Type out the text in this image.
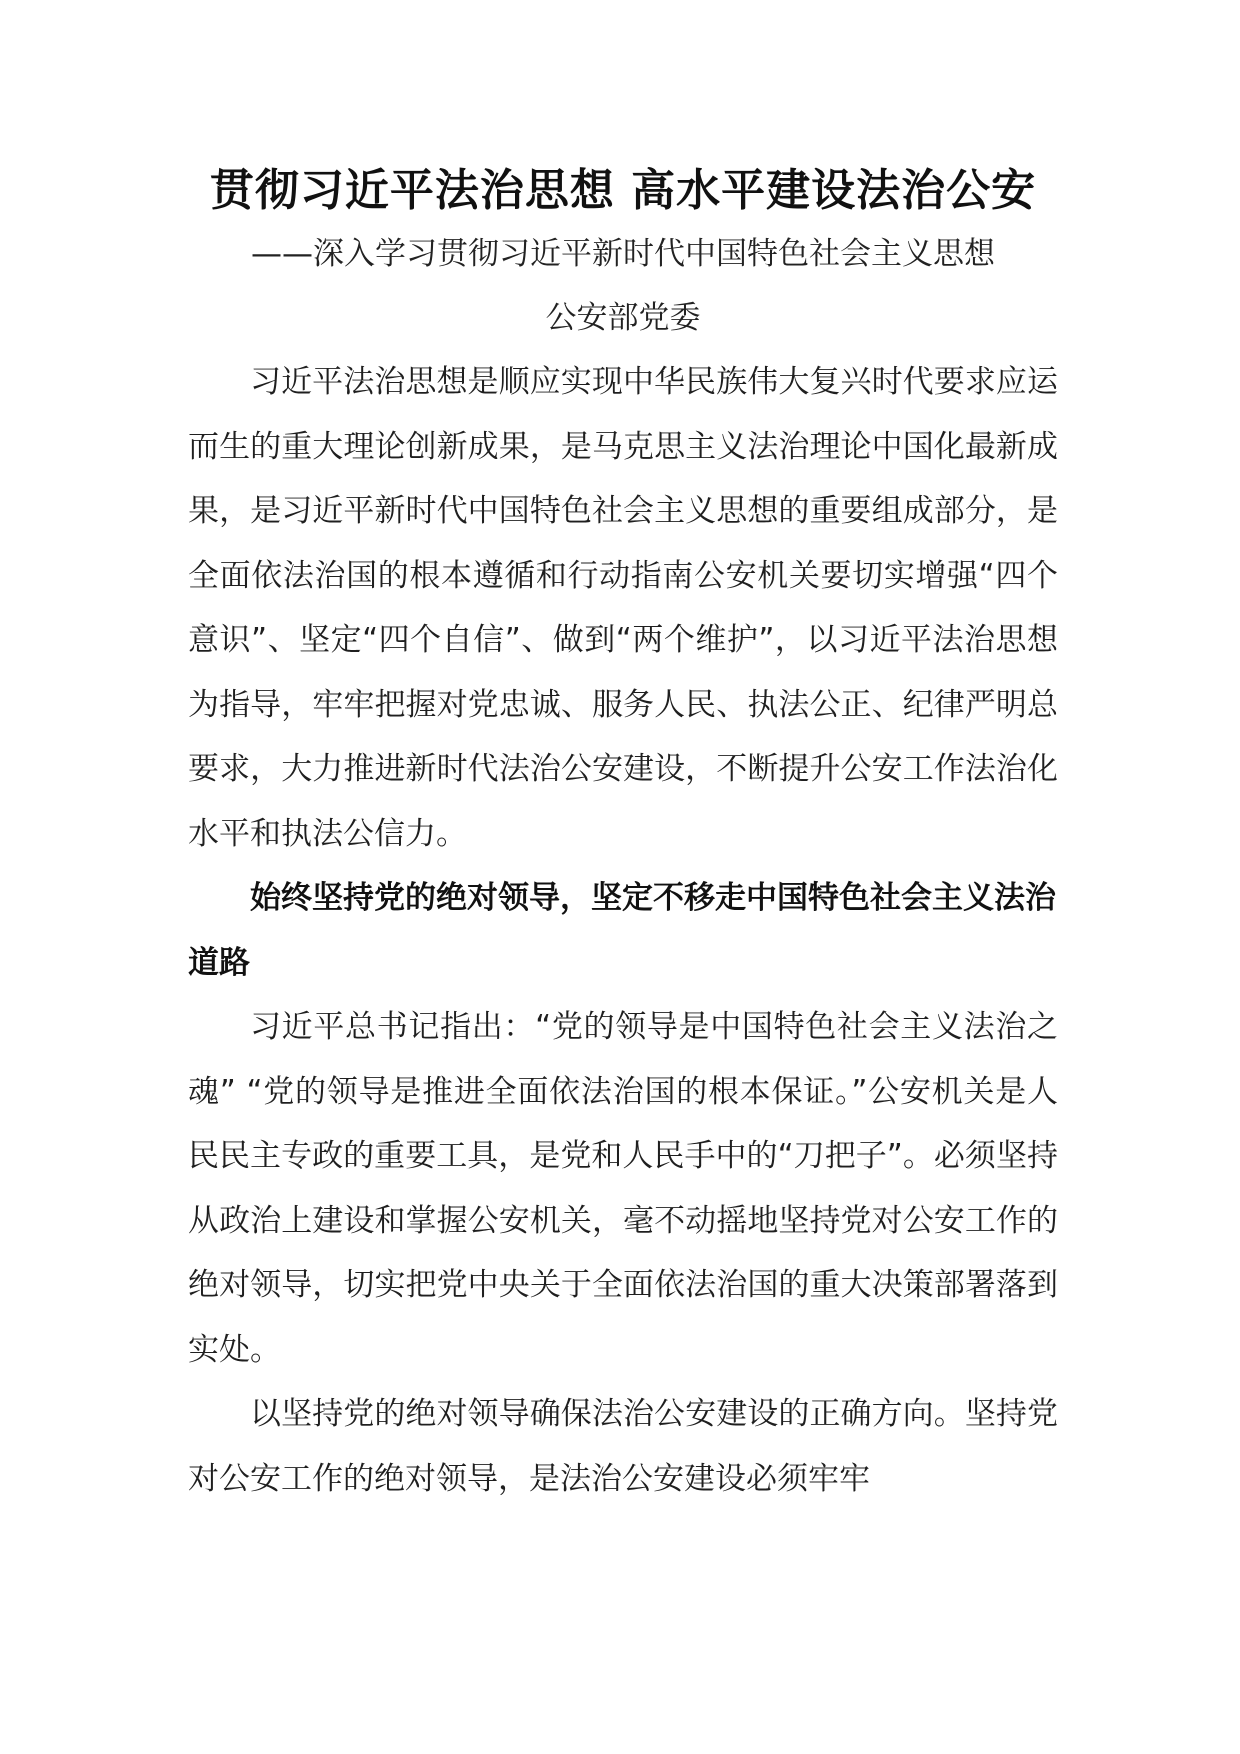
贯彻习近平法治思想 高水平建设法治公安

——深入学习贯彻习近平新时代中国特色社会主义思想

公安部党委

习近平法治思想是顺应实现中华民族伟大复兴时代要求应运而生的重大理论创新成果，是马克思主义法治理论中国化最新成果，是习近平新时代中国特色社会主义思想的重要组成部分，是全面依法治国的根本遵循和行动指南公安机关要切实增强“四个意识”、坚定“四个自信”、做到“两个维护”，以习近平法治思想为指导，牢牢把握对党忠诚、服务人民、执法公正、纪律严明总要求，大力推进新时代法治公安建设，不断提升公安工作法治化水平和执法公信力。

始终坚持党的绝对领导，坚定不移走中国特色社会主义法治道路

习近平总书记指出：“党的领导是中国特色社会主义法治之魂” “党的领导是推进全面依法治国的根本保证。”公安机关是人民民主专政的重要工具，是党和人民手中的“刀把子”。必须坚持从政治上建设和掌握公安机关，毫不动摇地坚持党对公安工作的绝对领导，切实把党中央关于全面依法治国的重大决策部署落到实处。

以坚持党的绝对领导确保法治公安建设的正确方向。坚持党对公安工作的绝对领导，是法治公安建设必须牢牢
